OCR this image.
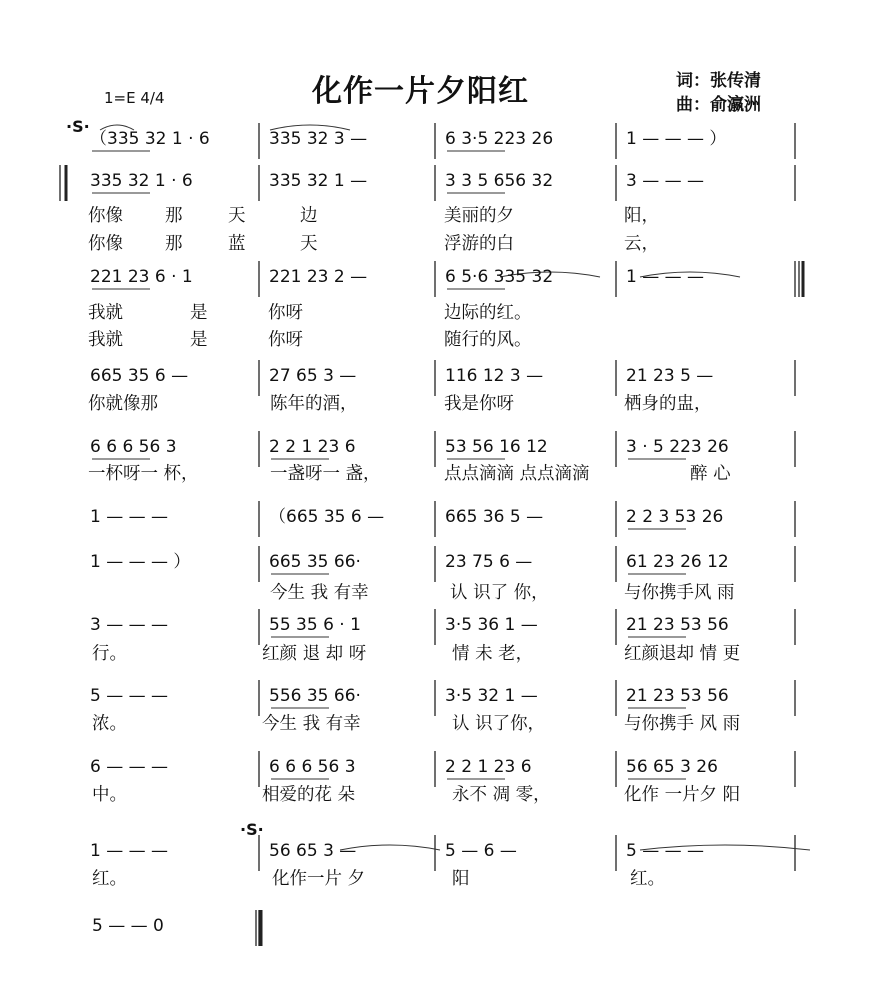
化作一片夕阳红
1=E 4/4
词：张传清
曲：俞瀛洲
·S·
·S·
（335 32 1 · 6	335 32 3 —	6 3·5 223 26	1 — — — ）
335 32 1 · 6	335 32 1 —	3 3 5 656 32	3 — — —
你像 那	天	边	美丽的夕	阳，
你像 那	蓝	天	浮游的白	云，
221 23 6 · 1	221 23 2 —	6 5·6 335 32	1 — — —
我就	是	你呀	边际的红。
我就	是	你呀	随行的风。
665 35 6 —	27 65 3 —	116 12 3 —	21 23 5 —
你就像那	陈年的酒，	我是你呀	栖身的盅，
6 6 6 56 3	2 2 1 23 6	53 56 16 12	3 · 5 223 26
一杯呀一 杯，	一盏呀一 盏，	点点滴滴 点点滴滴	醉 心
1 — — —	（665 35 6 —	665 36 5 —	2 2 3 53 26
1 — — — ）	665 35 66·	23 75 6 —	61 23 26 12
今生 我 有幸	认 识了 你，	与你携手风 雨
3 — — —	55 35 6 · 1	3·5 36 1 —	21 23 53 56
行。	红颜 退 却 呀	情 未 老，	红颜退却 情 更
5 — — —	556 35 66·	3·5 32 1 —	21 23 53 56
浓。	今生 我 有幸	认 识了你，	与你携手 风 雨
6 — — —	6 6 6 56 3	2 2 1 23 6	56 65 3 26
中。	相爱的花 朵	永不 凋 零，	化作 一片夕 阳
1 — — —	56 65 3 —	5 — 6 —	5 — — —
红。	化作一片 夕	阳	红。
5 — — 0
